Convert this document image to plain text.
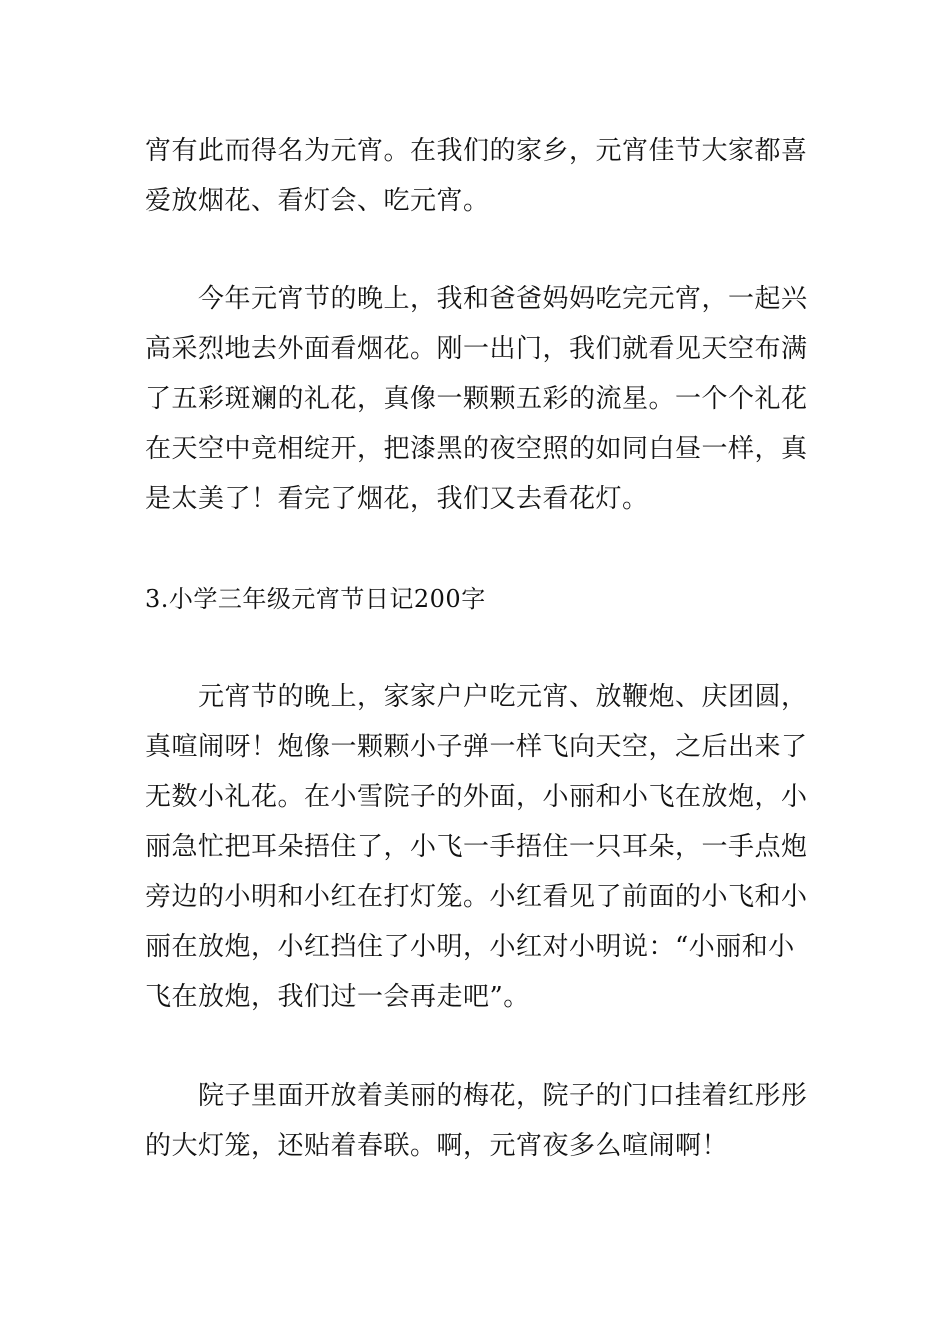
宵有此而得名为元宵。在我们的家乡，元宵佳节大家都喜
爱放烟花、看灯会、吃元宵。

　　今年元宵节的晚上，我和爸爸妈妈吃完元宵，一起兴
高采烈地去外面看烟花。刚一出门，我们就看见天空布满
了五彩斑斓的礼花，真像一颗颗五彩的流星。一个个礼花
在天空中竞相绽开，把漆黑的夜空照的如同白昼一样，真
是太美了！看完了烟花，我们又去看花灯。

3.小学三年级元宵节日记200字

　　元宵节的晚上，家家户户吃元宵、放鞭炮、庆团圆，
真喧闹呀！炮像一颗颗小子弹一样飞向天空，之后出来了
无数小礼花。在小雪院子的外面，小丽和小飞在放炮，小
丽急忙把耳朵捂住了，小飞一手捂住一只耳朵，一手点炮
旁边的小明和小红在打灯笼。小红看见了前面的小飞和小
丽在放炮，小红挡住了小明，小红对小明说：“小丽和小
飞在放炮，我们过一会再走吧”。

　　院子里面开放着美丽的梅花，院子的门口挂着红彤彤
的大灯笼，还贴着春联。啊，元宵夜多么喧闹啊！
